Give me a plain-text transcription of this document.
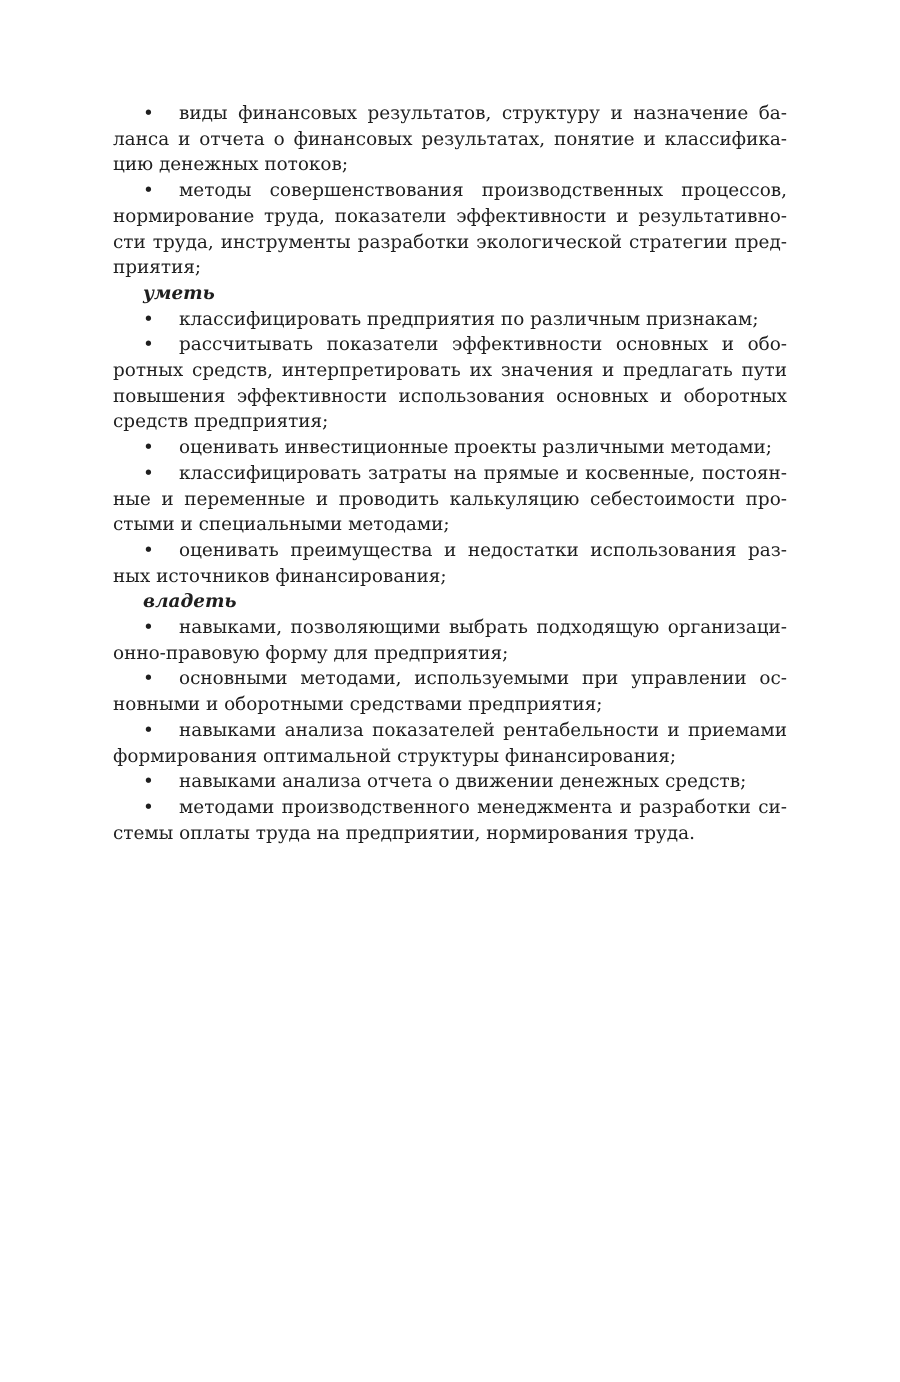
• виды финансовых результатов, структуру и назначение баланса и отчета о финансовых результатах, понятие и классификацию денежных потоков;

• методы совершенствования производственных процессов, нормирование труда, показатели эффективности и результативности труда, инструменты разработки экологической стратегии предприятия;

уметь

• классифицировать предприятия по различным признакам;

• рассчитывать показатели эффективности основных и оборотных средств, интерпретировать их значения и предлагать пути повышения эффективности использования основных и оборотных средств предприятия;

• оценивать инвестиционные проекты различными методами;

• классифицировать затраты на прямые и косвенные, постоянные и переменные и проводить калькуляцию себестоимости простыми и специальными методами;

• оценивать преимущества и недостатки использования разных источников финансирования;

владеть

• навыками, позволяющими выбрать подходящую организационно-правовую форму для предприятия;

• основными методами, используемыми при управлении основными и оборотными средствами предприятия;

• навыками анализа показателей рентабельности и приемами формирования оптимальной структуры финансирования;

• навыками анализа отчета о движении денежных средств;

• методами производственного менеджмента и разработки системы оплаты труда на предприятии, нормирования труда.
